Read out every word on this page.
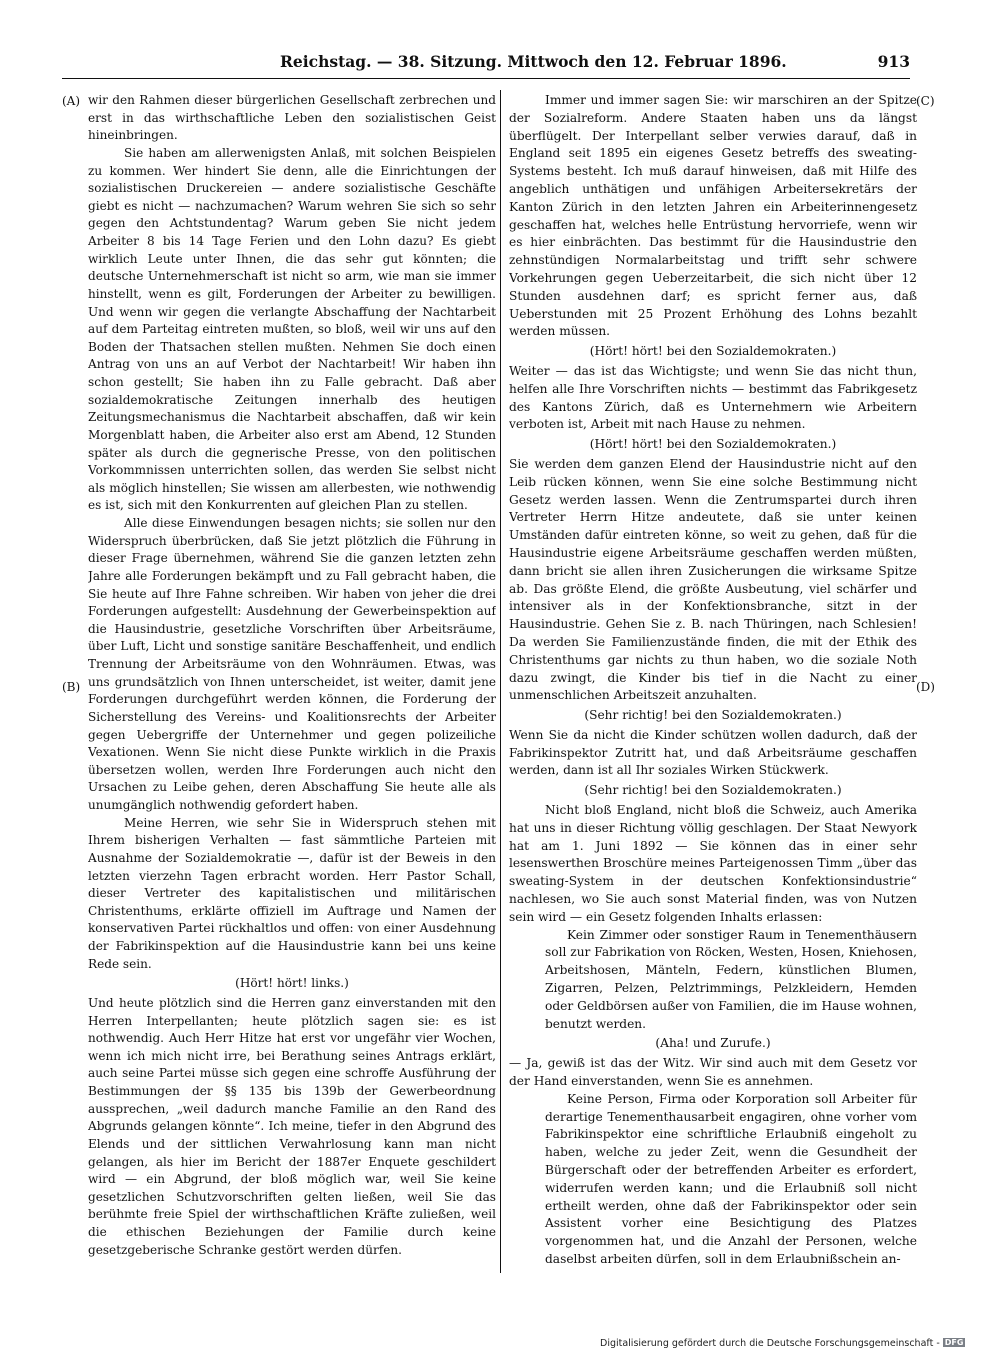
Reichstag. — 38. Sitzung. Mittwoch den 12. Februar 1896.	913
(A)
(B)
(C)
(D)

wir den Rahmen dieser bürgerlichen Gesellschaft zerbrechen und erst in das wirthschaftliche Leben den sozialistischen Geist hineinbringen.

Sie haben am allerwenigsten Anlaß, mit solchen Beispielen zu kommen. Wer hindert Sie denn, alle die Einrichtungen der sozialistischen Druckereien — andere sozialistische Geschäfte giebt es nicht — nachzumachen? Warum wehren Sie sich so sehr gegen den Achtstundentag? Warum geben Sie nicht jedem Arbeiter 8 bis 14 Tage Ferien und den Lohn dazu? Es giebt wirklich Leute unter Ihnen, die das sehr gut könnten; die deutsche Unternehmerschaft ist nicht so arm, wie man sie immer hinstellt, wenn es gilt, Forderungen der Arbeiter zu bewilligen. Und wenn wir gegen die verlangte Abschaffung der Nachtarbeit auf dem Parteitag eintreten mußten, so bloß, weil wir uns auf den Boden der Thatsachen stellen mußten. Nehmen Sie doch einen Antrag von uns an auf Verbot der Nachtarbeit! Wir haben ihn schon gestellt; Sie haben ihn zu Falle gebracht. Daß aber sozialdemokratische Zeitungen innerhalb des heutigen Zeitungsmechanismus die Nachtarbeit abschaffen, daß wir kein Morgenblatt haben, die Arbeiter also erst am Abend, 12 Stunden später als durch die gegnerische Presse, von den politischen Vorkommnissen unterrichten sollen, das werden Sie selbst nicht als möglich hinstellen; Sie wissen am allerbesten, wie nothwendig es ist, sich mit den Konkurrenten auf gleichen Plan zu stellen.

Alle diese Einwendungen besagen nichts; sie sollen nur den Widerspruch überbrücken, daß Sie jetzt plötzlich die Führung in dieser Frage übernehmen, während Sie die ganzen letzten zehn Jahre alle Forderungen bekämpft und zu Fall gebracht haben, die Sie heute auf Ihre Fahne schreiben. Wir haben von jeher die drei Forderungen aufgestellt: Ausdehnung der Gewerbeinspektion auf die Hausindustrie, gesetzliche Vorschriften über Arbeitsräume, über Luft, Licht und sonstige sanitäre Beschaffenheit, und endlich Trennung der Arbeitsräume von den Wohnräumen. Etwas, was uns grundsätzlich von Ihnen unterscheidet, ist weiter, damit jene Forderungen durchgeführt werden können, die Forderung der Sicherstellung des Vereins- und Koalitionsrechts der Arbeiter gegen Uebergriffe der Unternehmer und gegen polizeiliche Vexationen. Wenn Sie nicht diese Punkte wirklich in die Praxis übersetzen wollen, werden Ihre Forderungen auch nicht den Ursachen zu Leibe gehen, deren Abschaffung Sie heute alle als unumgänglich nothwendig gefordert haben.

Meine Herren, wie sehr Sie in Widerspruch stehen mit Ihrem bisherigen Verhalten — fast sämmtliche Parteien mit Ausnahme der Sozialdemokratie —, dafür ist der Beweis in den letzten vierzehn Tagen erbracht worden. Herr Pastor Schall, dieser Vertreter des kapitalistischen und militärischen Christenthums, erklärte offiziell im Auftrage und Namen der konservativen Partei rückhaltlos und offen: von einer Ausdehnung der Fabrikinspektion auf die Hausindustrie kann bei uns keine Rede sein.

(Hört! hört! links.)

Und heute plötzlich sind die Herren ganz einverstanden mit den Herren Interpellanten; heute plötzlich sagen sie: es ist nothwendig. Auch Herr Hitze hat erst vor ungefähr vier Wochen, wenn ich mich nicht irre, bei Berathung seines Antrags erklärt, auch seine Partei müsse sich gegen eine schroffe Ausführung der Bestimmungen der §§ 135 bis 139b der Gewerbeordnung aussprechen, „weil dadurch manche Familie an den Rand des Abgrunds gelangen könnte“. Ich meine, tiefer in den Abgrund des Elends und der sittlichen Verwahrlosung kann man nicht gelangen, als hier im Bericht der 1887er Enquete geschildert wird — ein Abgrund, der bloß möglich war, weil Sie keine gesetzlichen Schutzvorschriften gelten ließen, weil Sie das berühmte freie Spiel der wirthschaftlichen Kräfte zuließen, weil die ethischen Beziehungen der Familie durch keine gesetzgeberische Schranke gestört werden dürfen.

Immer und immer sagen Sie: wir marschiren an der Spitze der Sozialreform. Andere Staaten haben uns da längst überflügelt. Der Interpellant selber verwies darauf, daß in England seit 1895 ein eigenes Gesetz betreffs des sweating-Systems besteht. Ich muß darauf hinweisen, daß mit Hilfe des angeblich unthätigen und unfähigen Arbeitersekretärs der Kanton Zürich in den letzten Jahren ein Arbeiterinnengesetz geschaffen hat, welches helle Entrüstung hervorriefe, wenn wir es hier einbrächten. Das bestimmt für die Hausindustrie den zehnstündigen Normalarbeitstag und trifft sehr schwere Vorkehrungen gegen Ueberzeitarbeit, die sich nicht über 12 Stunden ausdehnen darf; es spricht ferner aus, daß Ueberstunden mit 25 Prozent Erhöhung des Lohns bezahlt werden müssen.

(Hört! hört! bei den Sozialdemokraten.)

Weiter — das ist das Wichtigste; und wenn Sie das nicht thun, helfen alle Ihre Vorschriften nichts — bestimmt das Fabrikgesetz des Kantons Zürich, daß es Unternehmern wie Arbeitern verboten ist, Arbeit mit nach Hause zu nehmen.

(Hört! hört! bei den Sozialdemokraten.)

Sie werden dem ganzen Elend der Hausindustrie nicht auf den Leib rücken können, wenn Sie eine solche Bestimmung nicht Gesetz werden lassen. Wenn die Zentrumspartei durch ihren Vertreter Herrn Hitze andeutete, daß sie unter keinen Umständen dafür eintreten könne, so weit zu gehen, daß für die Hausindustrie eigene Arbeitsräume geschaffen werden müßten, dann bricht sie allen ihren Zusicherungen die wirksame Spitze ab. Das größte Elend, die größte Ausbeutung, viel schärfer und intensiver als in der Konfektionsbranche, sitzt in der Hausindustrie. Gehen Sie z. B. nach Thüringen, nach Schlesien! Da werden Sie Familienzustände finden, die mit der Ethik des Christenthums gar nichts zu thun haben, wo die soziale Noth dazu zwingt, die Kinder bis tief in die Nacht zu einer unmenschlichen Arbeitszeit anzuhalten.

(Sehr richtig! bei den Sozialdemokraten.)

Wenn Sie da nicht die Kinder schützen wollen dadurch, daß der Fabrikinspektor Zutritt hat, und daß Arbeitsräume geschaffen werden, dann ist all Ihr soziales Wirken Stückwerk.

(Sehr richtig! bei den Sozialdemokraten.)

Nicht bloß England, nicht bloß die Schweiz, auch Amerika hat uns in dieser Richtung völlig geschlagen. Der Staat Newyork hat am 1. Juni 1892 — Sie können das in einer sehr lesenswerthen Broschüre meines Parteigenossen Timm „über das sweating-System in der deutschen Konfektionsindustrie“ nachlesen, wo Sie auch sonst Material finden, was von Nutzen sein wird — ein Gesetz folgenden Inhalts erlassen:

Kein Zimmer oder sonstiger Raum in Tenementhäusern soll zur Fabrikation von Röcken, Westen, Hosen, Kniehosen, Arbeitshosen, Mänteln, Federn, künstlichen Blumen, Zigarren, Pelzen, Pelztrimmings, Pelzkleidern, Hemden oder Geldbörsen außer von Familien, die im Hause wohnen, benutzt werden.

(Aha! und Zurufe.)

— Ja, gewiß ist das der Witz. Wir sind auch mit dem Gesetz vor der Hand einverstanden, wenn Sie es annehmen.

Keine Person, Firma oder Korporation soll Arbeiter für derartige Tenementhausarbeit engagiren, ohne vorher vom Fabrikinspektor eine schriftliche Erlaubniß eingeholt zu haben, welche zu jeder Zeit, wenn die Gesundheit der Bürgerschaft oder der betreffenden Arbeiter es erfordert, widerrufen werden kann; und die Erlaubniß soll nicht ertheilt werden, ohne daß der Fabrikinspektor oder sein Assistent vorher eine Besichtigung des Platzes vorgenommen hat, und die Anzahl der Personen, welche daselbst arbeiten dürfen, soll in dem Erlaubnißschein an-

Digitalisierung gefördert durch die Deutsche Forschungsgemeinschaft - DFG
